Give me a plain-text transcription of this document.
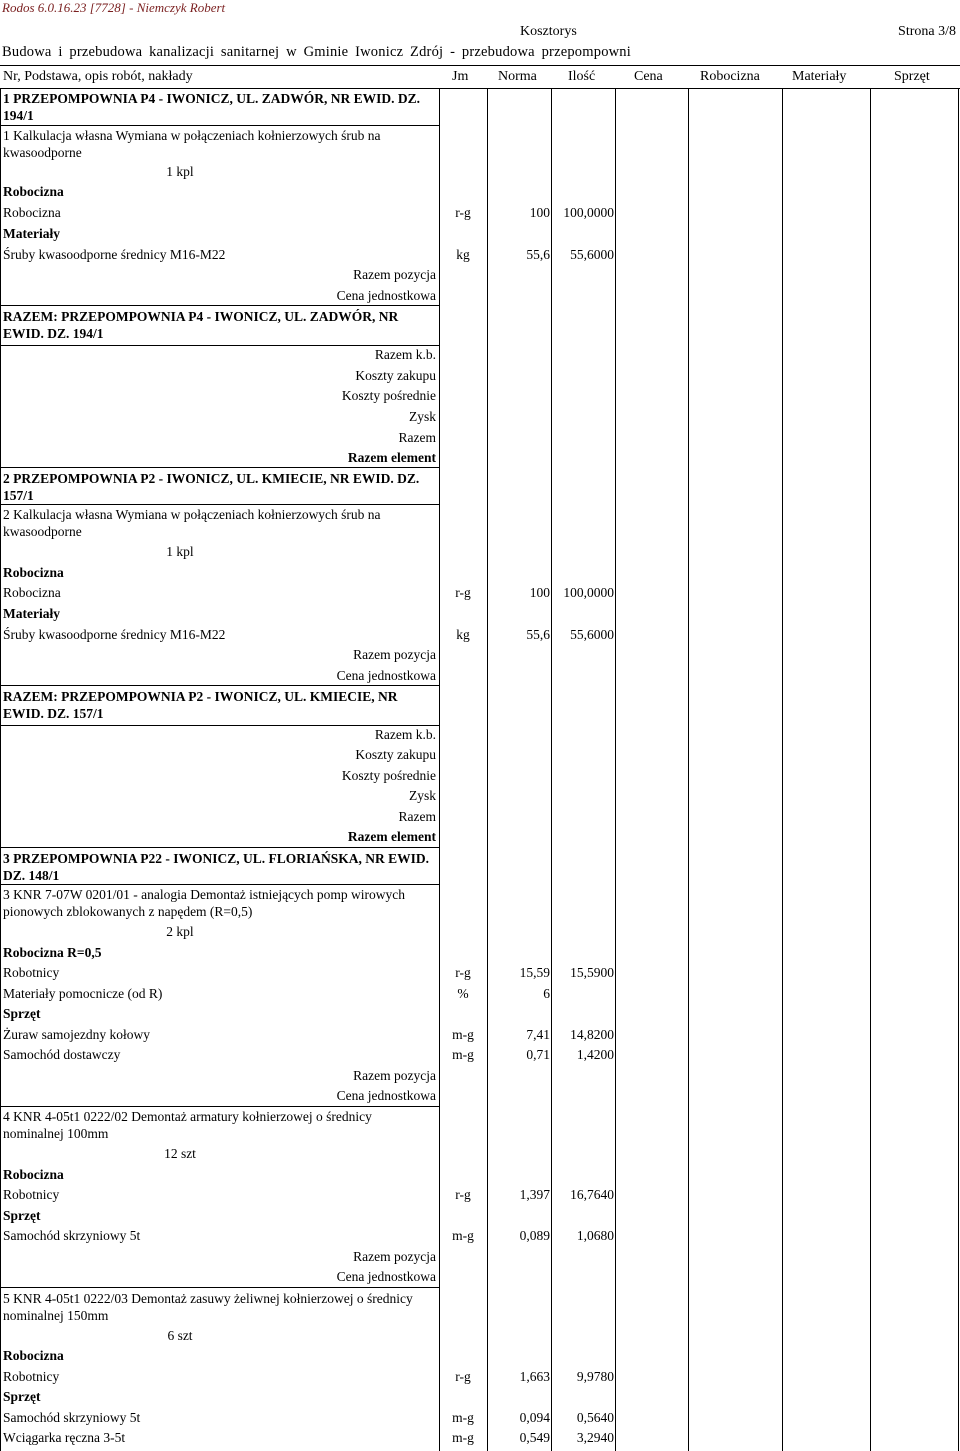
Rodos 6.0.16.23 [7728] - Niemczyk Robert
Kosztorys	Strona 3/8
Budowa i przebudowa kanalizacji sanitarnej w Gminie Iwonicz Zdrój - przebudowa przepompowni
Nr, Podstawa, opis robót, nakłady	Jm Norma Ilość	Cena	Robocizna Materiały	Sprzęt
1 PRZEPOMPOWNIA P4 - IWONICZ, UL. ZADWÓR, NR EWID. DZ. 194/1
1 Kalkulacja własna Wymiana w połączeniach kołnierzowych śrub na kwasoodporne
1 kpl
Robocizna
Robocizna	r-g	100 100,0000
Materiały
Śruby kwasoodporne średnicy M16-M22	kg	55,6	55,6000
Razem pozycja
Cena jednostkowa
RAZEM: PRZEPOMPOWNIA P4 - IWONICZ, UL. ZADWÓR, NR EWID. DZ. 194/1
Razem k.b.
Koszty zakupu
Koszty pośrednie
Zysk
Razem
Razem element
2 PRZEPOMPOWNIA P2 - IWONICZ, UL. KMIECIE, NR EWID. DZ. 157/1
2 Kalkulacja własna Wymiana w połączeniach kołnierzowych śrub na kwasoodporne
1 kpl
Robocizna
Robocizna	r-g	100 100,0000
Materiały
Śruby kwasoodporne średnicy M16-M22	kg	55,6	55,6000
Razem pozycja
Cena jednostkowa
RAZEM: PRZEPOMPOWNIA P2 - IWONICZ, UL. KMIECIE, NR EWID. DZ. 157/1
Razem k.b.
Koszty zakupu
Koszty pośrednie
Zysk
Razem
Razem element
3 PRZEPOMPOWNIA P22 - IWONICZ, UL. FLORIAŃSKA, NR EWID. DZ. 148/1
3 KNR 7-07W 0201/01 - analogia Demontaż istniejących pomp wirowych pionowych zblokowanych z napędem (R=0,5)
2 kpl
Robocizna R=0,5
Robotnicy	r-g	15,59	15,5900
Materiały pomocnicze (od R)	%	6
Sprzęt
Żuraw samojezdny kołowy	m-g	7,41	14,8200
Samochód dostawczy	m-g	0,71	1,4200
Razem pozycja
Cena jednostkowa
4 KNR 4-05t1 0222/02 Demontaż armatury kołnierzowej o średnicy nominalnej 100mm
12 szt
Robocizna
Robotnicy	r-g	1,397	16,7640
Sprzęt
Samochód skrzyniowy 5t	m-g	0,089	1,0680
Razem pozycja
Cena jednostkowa
5 KNR 4-05t1 0222/03 Demontaż zasuwy żeliwnej kołnierzowej o średnicy nominalnej 150mm
6 szt
Robocizna
Robotnicy	r-g	1,663	9,9780
Sprzęt
Samochód skrzyniowy 5t	m-g	0,094	0,5640
Wciągarka ręczna 3-5t	m-g	0,549	3,2940
